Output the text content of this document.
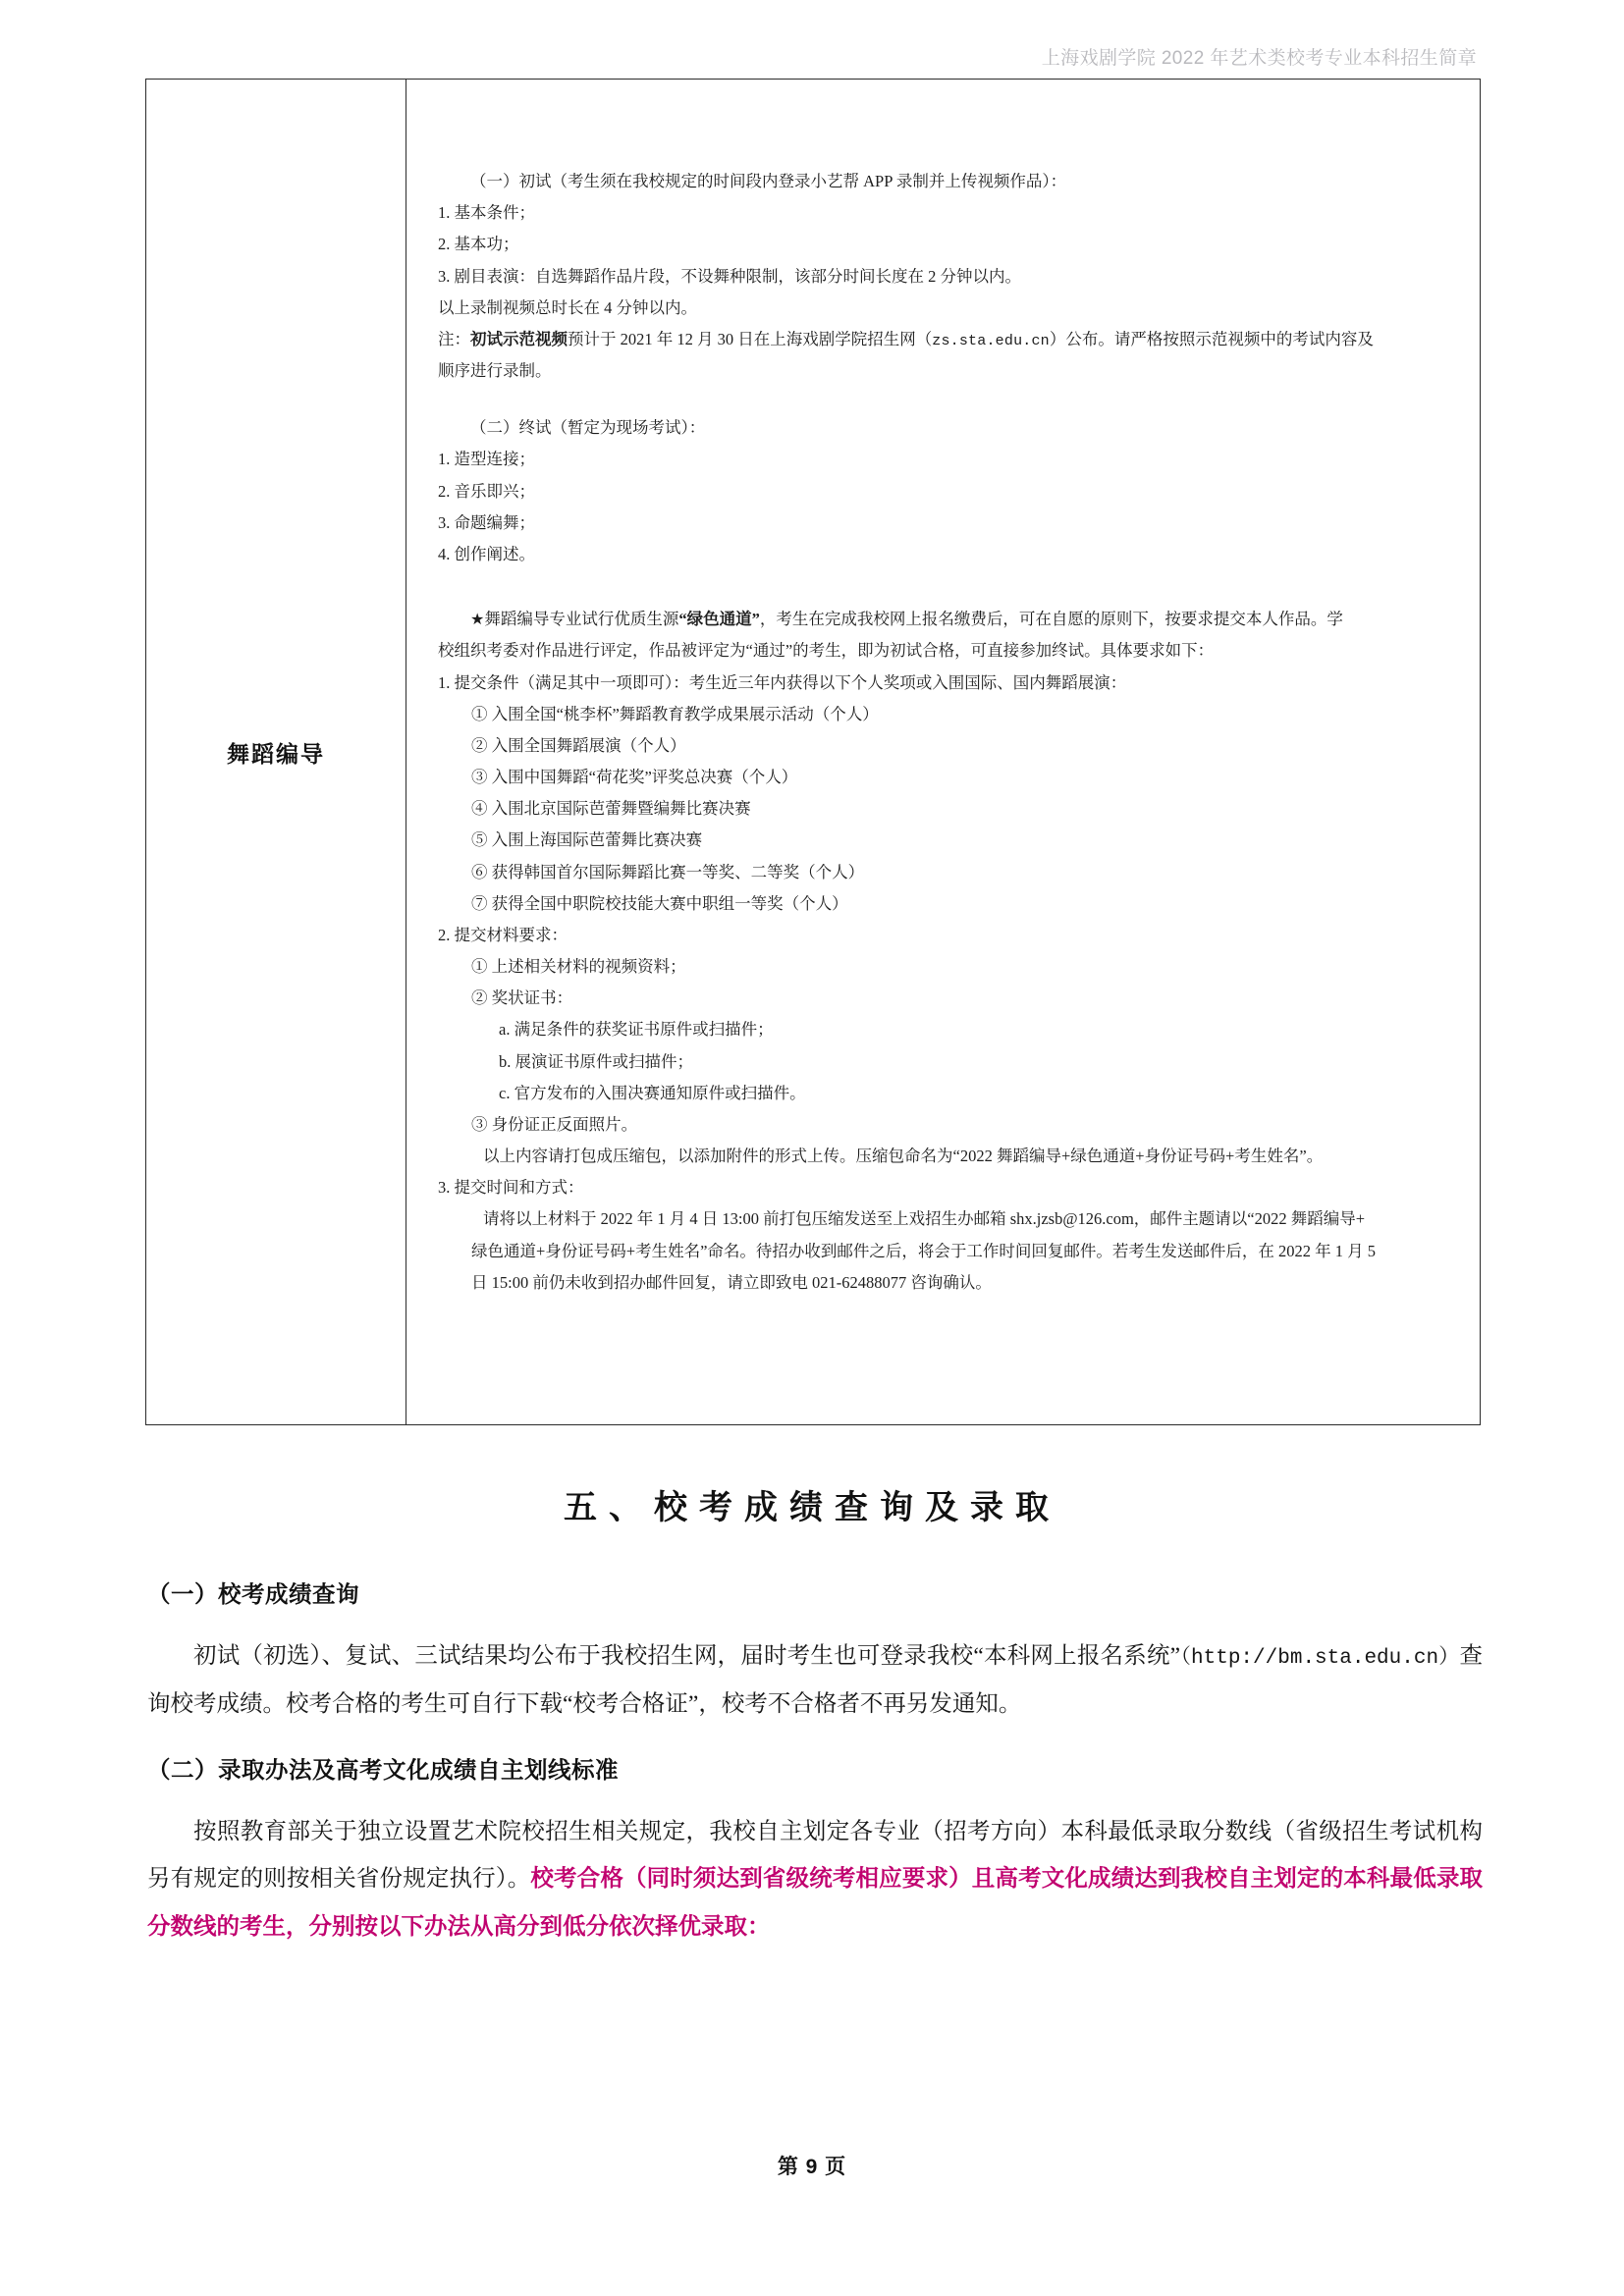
上海戏剧学院 2022 年艺术类校考专业本科招生简章
舞蹈编导

（一）初试（考生须在我校规定的时间段内登录小艺帮 APP 录制并上传视频作品）：

1. 基本条件；

2. 基本功；

3. 剧目表演：自选舞蹈作品片段，不设舞种限制，该部分时间长度在 2 分钟以内。

以上录制视频总时长在 4 分钟以内。

注：初试示范视频预计于 2021 年 12 月 30 日在上海戏剧学院招生网（zs.sta.edu.cn）公布。请严格按照示范视频中的考试内容及

顺序进行录制。

（二）终试（暂定为现场考试）：

1. 造型连接；

2. 音乐即兴；

3. 命题编舞；

4. 创作阐述。

★舞蹈编导专业试行优质生源“绿色通道”，考生在完成我校网上报名缴费后，可在自愿的原则下，按要求提交本人作品。学

校组织考委对作品进行评定，作品被评定为“通过”的考生，即为初试合格，可直接参加终试。具体要求如下：

1. 提交条件（满足其中一项即可）：考生近三年内获得以下个人奖项或入围国际、国内舞蹈展演：

① 入围全国“桃李杯”舞蹈教育教学成果展示活动（个人）

② 入围全国舞蹈展演（个人）

③ 入围中国舞蹈“荷花奖”评奖总决赛（个人）

④ 入围北京国际芭蕾舞暨编舞比赛决赛

⑤ 入围上海国际芭蕾舞比赛决赛

⑥ 获得韩国首尔国际舞蹈比赛一等奖、二等奖（个人）

⑦ 获得全国中职院校技能大赛中职组一等奖（个人）

2. 提交材料要求：

① 上述相关材料的视频资料；

② 奖状证书：

a. 满足条件的获奖证书原件或扫描件；

b. 展演证书原件或扫描件；

c. 官方发布的入围决赛通知原件或扫描件。

③ 身份证正反面照片。

以上内容请打包成压缩包，以添加附件的形式上传。压缩包命名为“2022 舞蹈编导+绿色通道+身份证号码+考生姓名”。

3. 提交时间和方式：

请将以上材料于 2022 年 1 月 4 日 13:00 前打包压缩发送至上戏招生办邮箱 shx.jzsb@126.com，邮件主题请以“2022 舞蹈编导+

绿色通道+身份证号码+考生姓名”命名。待招办收到邮件之后，将会于工作时间回复邮件。若考生发送邮件后，在 2022 年 1 月 5

日 15:00 前仍未收到招办邮件回复，请立即致电 021-62488077 咨询确认。

五、校考成绩查询及录取

（一）校考成绩查询

初试（初选）、复试、三试结果均公布于我校招生网，届时考生也可登录我校“本科网上报名系统”（http://bm.sta.edu.cn）查询校考成绩。校考合格的考生可自行下载“校考合格证”，校考不合格者不再另发通知。

（二）录取办法及高考文化成绩自主划线标准

按照教育部关于独立设置艺术院校招生相关规定，我校自主划定各专业（招考方向）本科最低录取分数线（省级招生考试机构另有规定的则按相关省份规定执行）。校考合格（同时须达到省级统考相应要求）且高考文化成绩达到我校自主划定的本科最低录取分数线的考生，分别按以下办法从高分到低分依次择优录取：

第 9 页
